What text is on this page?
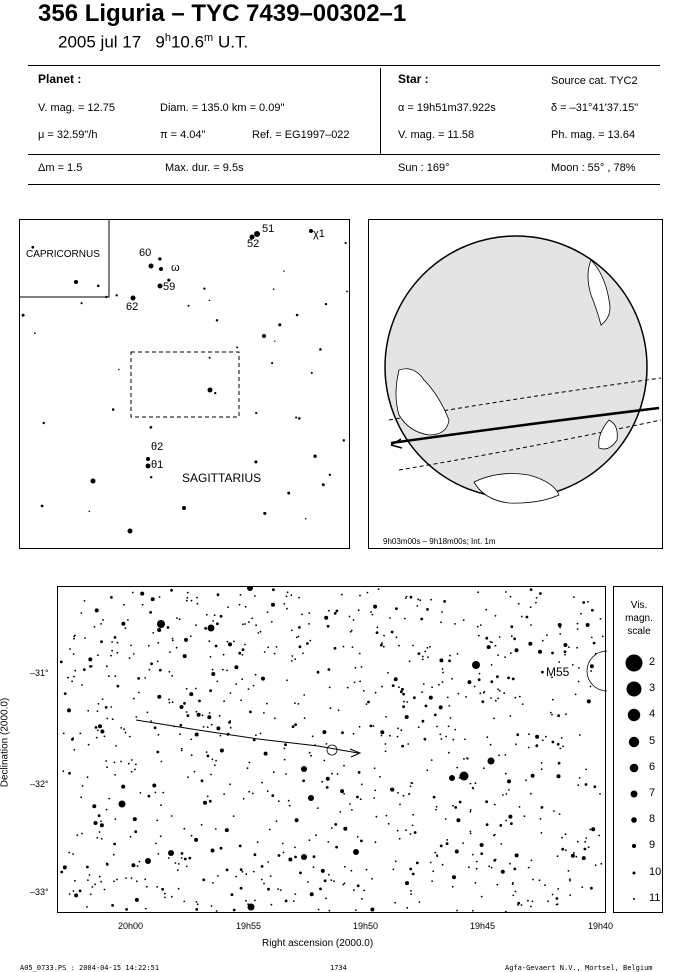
356 Liguria – TYC 7439–00302–1
2005 jul 17 9$^h$10.6$^m$ U.T.
Planet :
V. mag. = 12.75	Diam. = 135.0 km = 0.09"
μ = 32.59"/h	π = 4.04"	Ref. = EG1997–022
Star :	Source cat. TYC2
α = 19h51m37.922s	δ = –31°41'37.15"
V. mag. = 11.58	Ph. mag. = 13.64
Δm = 1.5	Max. dur. = 9.5s	Sun : 169°	Moon : 55° , 78%
CAPRICORNUS
SAGITTARIUS
51
52
χ1
60
ω
59
62
θ2
θ1
9h03m00s – 9h18m00s; Int. 1m
M55
Declination (2000.0)
Right ascension (2000.0)
20h00	19h55	19h50	19h45	19h40
–31°
–32°
–33°
Vis.
magn.
scale
2
3
4
5
6
7
8
9
10
11
A05_0733.PS : 2004-04-15 14:22:51	1734	Agfa-Gevaert N.V., Mortsel, Belgium
